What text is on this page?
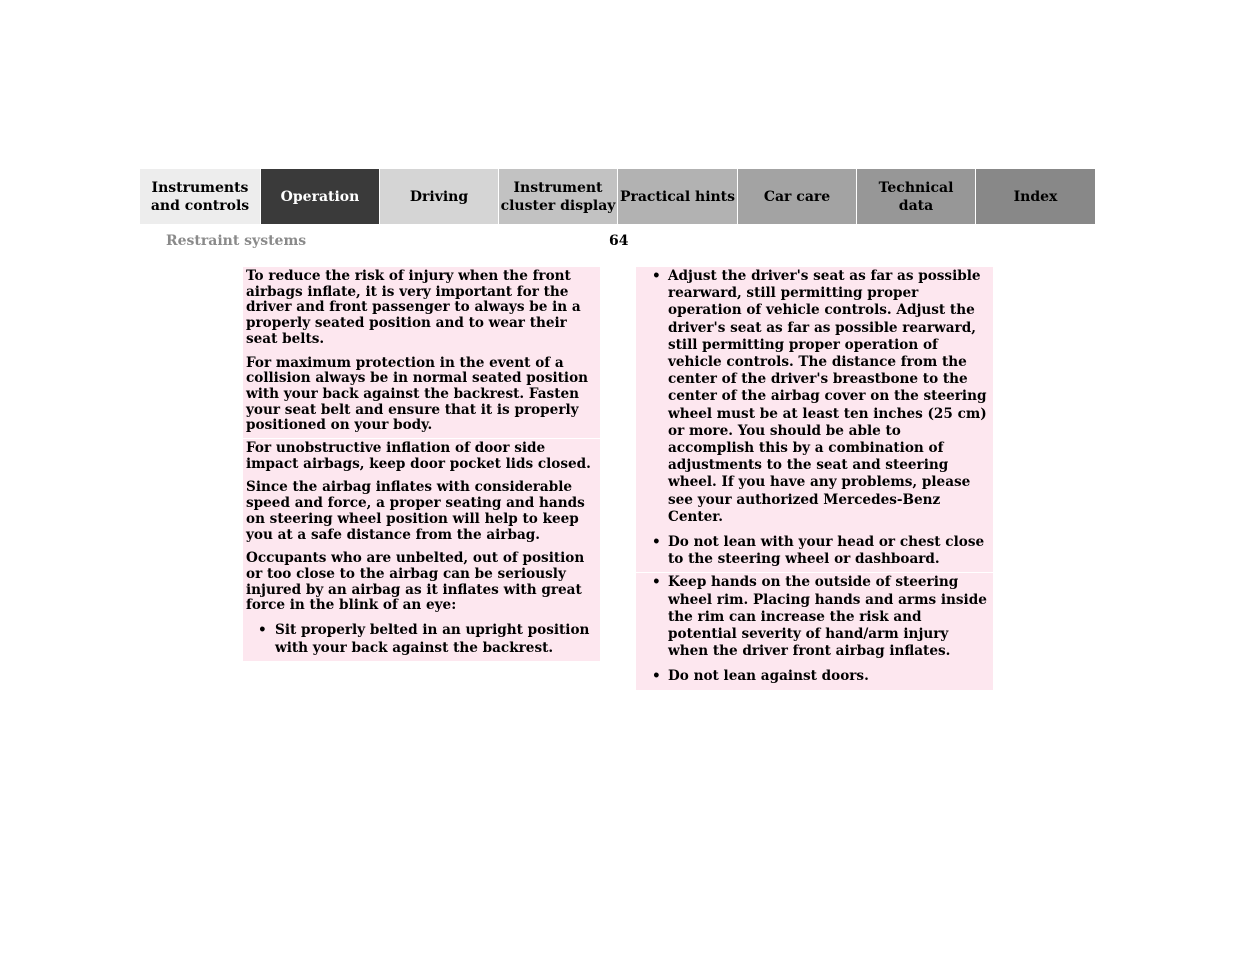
Instruments
and controls
Operation	Driving
Instrument
cluster display
Practical hints	Car care
Technical
data
Index
Restraint systems	64

To reduce the risk of injury when the front airbags inflate, it is very important for the driver and front passenger to always be in a properly seated position and to wear their seat belts.

For maximum protection in the event of a collision always be in normal seated position with your back against the backrest. Fasten your seat belt and ensure that it is properly positioned on your body.

For unobstructive inflation of door side impact airbags, keep door pocket lids closed.

Since the airbag inflates with considerable speed and force, a proper seating and hands on steering wheel position will help to keep you at a safe distance from the airbag.

Occupants who are unbelted, out of position or too close to the airbag can be seriously injured by an airbag as it inflates with great force in the blink of an eye:

• Sit properly belted in an upright position with your back against the backrest.
• Adjust the driver's seat as far as possible rearward, still permitting proper operation of vehicle controls. Adjust the driver's seat as far as possible rearward, still permitting proper operation of vehicle controls. The distance from the center of the driver's breastbone to the center of the airbag cover on the steering wheel must be at least ten inches (25 cm) or more. You should be able to accomplish this by a combination of adjustments to the seat and steering wheel. If you have any problems, please see your authorized Mercedes-Benz Center.
• Do not lean with your head or chest close to the steering wheel or dashboard.
• Keep hands on the outside of steering wheel rim. Placing hands and arms inside the rim can increase the risk and potential severity of hand/arm injury when the driver front airbag inflates.
• Do not lean against doors.
